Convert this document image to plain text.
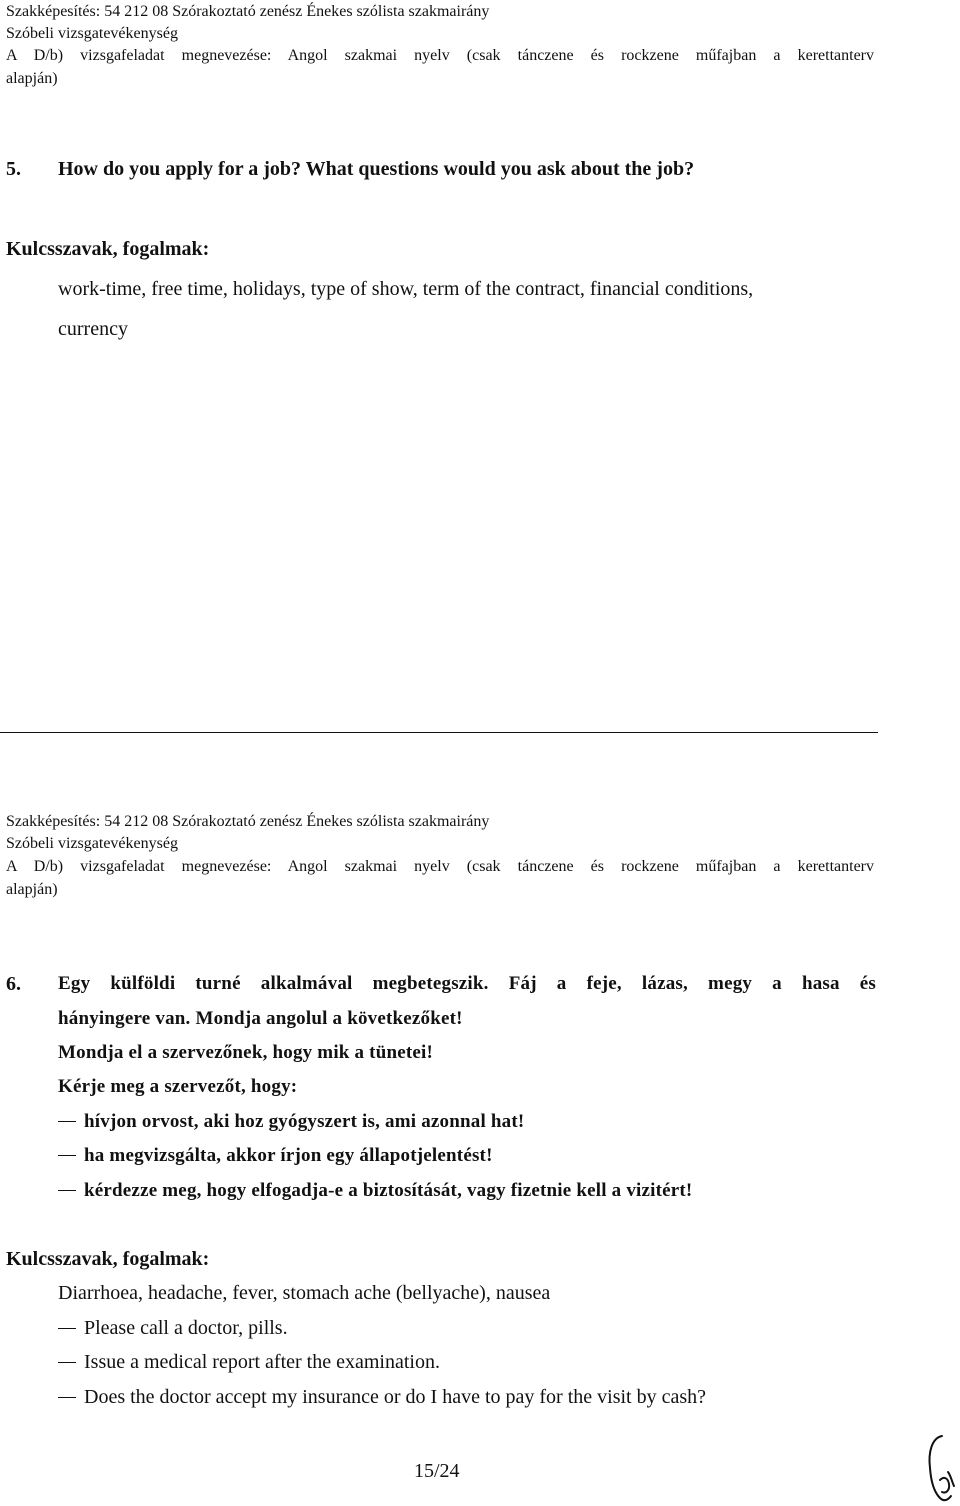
Szakképesítés: 54 212 08 Szórakoztató zenész Énekes szólista szakmairány
Szóbeli vizsgatevékenység
A D/b) vizsgafeladat megnevezése: Angol szakmai nyelv (csak tánczene és rockzene műfajban a kerettanterv
alapján)
5. How do you apply for a job? What questions would you ask about the job?
Kulcsszavak, fogalmak:
work-time, free time, holidays, type of show, term of the contract, financial conditions,
currency
Szakképesítés: 54 212 08 Szórakoztató zenész Énekes szólista szakmairány
Szóbeli vizsgatevékenység
A D/b) vizsgafeladat megnevezése: Angol szakmai nyelv (csak tánczene és rockzene műfajban a kerettanterv
alapján)
6. Egy külföldi turné alkalmával megbetegszik. Fáj a feje, lázas, megy a hasa és
hányingere van. Mondja angolul a következőket!
Mondja el a szervezőnek, hogy mik a tünetei!
Kérje meg a szervezőt, hogy:
hívjon orvost, aki hoz gyógyszert is, ami azonnal hat!
ha megvizsgálta, akkor írjon egy állapotjelentést!
kérdezze meg, hogy elfogadja-e a biztosítását, vagy fizetnie kell a vizitért!
Kulcsszavak, fogalmak:
Diarrhoea, headache, fever, stomach ache (bellyache), nausea
Please call a doctor, pills.
Issue a medical report after the examination.
Does the doctor accept my insurance or do I have to pay for the visit by cash?
15/24
